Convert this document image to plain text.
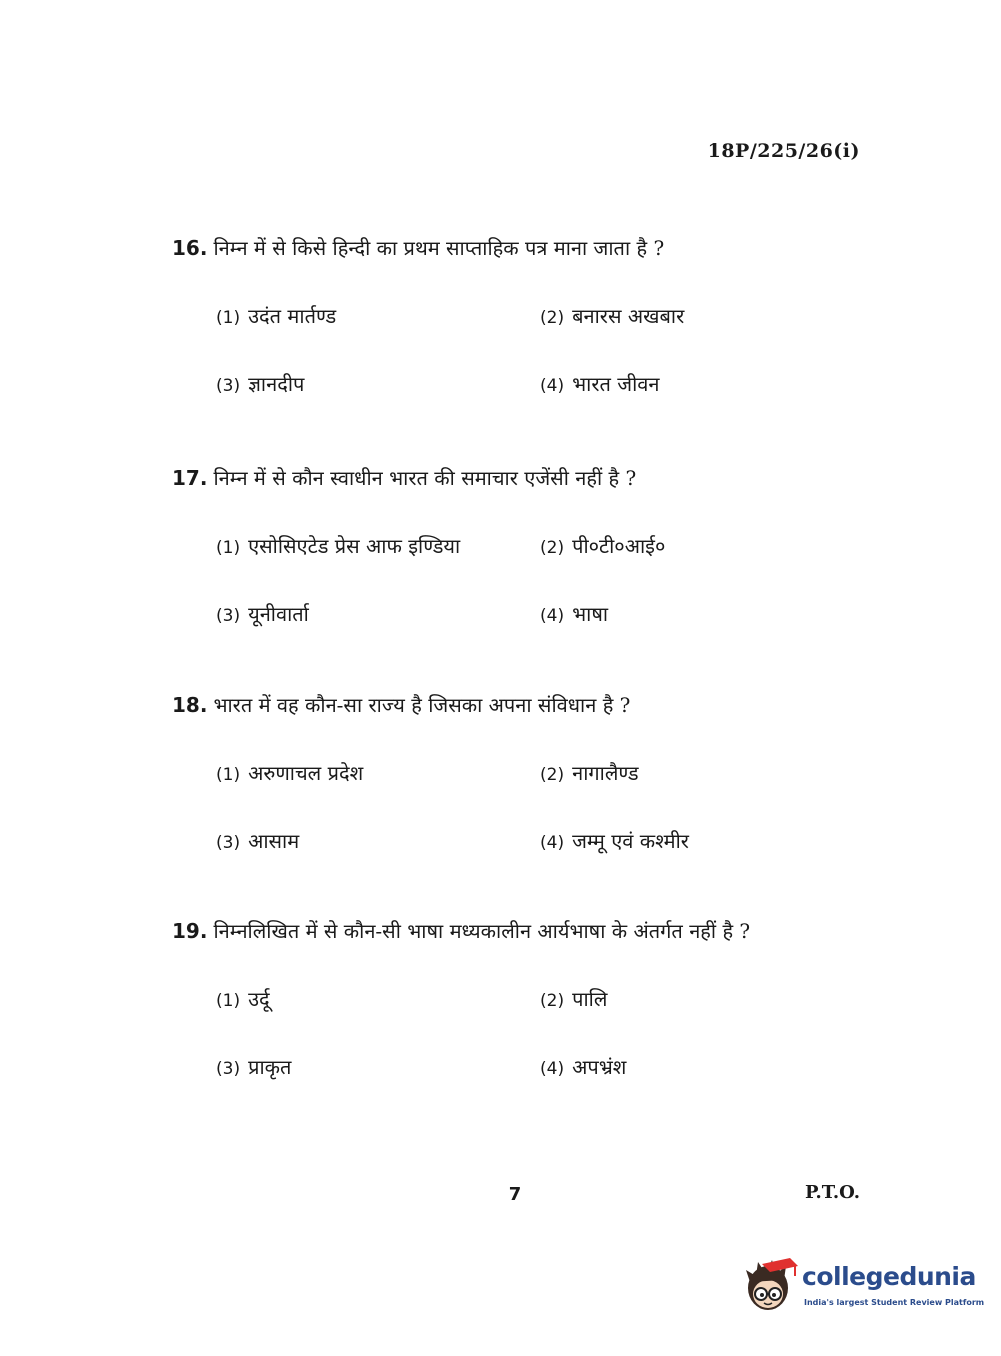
18P/225/26(i)
16. निम्न में से किसे हिन्दी का प्रथम साप्ताहिक पत्र माना जाता है ?
(1) उदंत मार्तण्ड	(2) बनारस अखबार
(3) ज्ञानदीप	(4) भारत जीवन
17. निम्न में से कौन स्वाधीन भारत की समाचार एजेंसी नहीं है ?
(1) एसोसिएटेड प्रेस आफ इण्डिया	(2) पी०टी०आई०
(3) यूनीवार्ता	(4) भाषा
18. भारत में वह कौन-सा राज्य है जिसका अपना संविधान है ?
(1) अरुणाचल प्रदेश	(2) नागालैण्ड
(3) आसाम	(4) जम्मू एवं कश्मीर
19. निम्नलिखित में से कौन-सी भाषा मध्यकालीन आर्यभाषा के अंतर्गत नहीं है ?
(1) उर्दू	(2) पालि
(3) प्राकृत	(4) अपभ्रंश
7	P.T.O.
collegedunia
India's largest Student Review Platform
